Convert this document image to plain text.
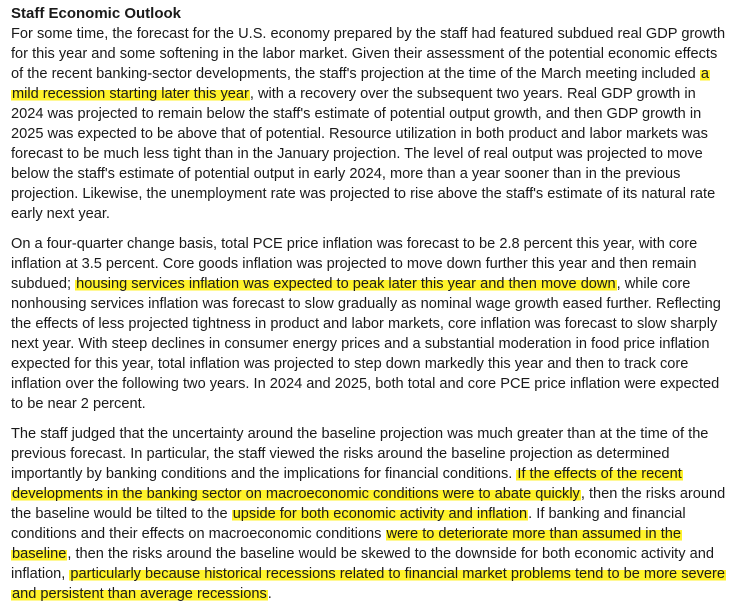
Staff Economic Outlook

For some time, the forecast for the U.S. economy prepared by the staff had featured subdued real GDP growth for this year and some softening in the labor market. Given their assessment of the potential economic effects of the recent banking-sector developments, the staff's projection at the time of the March meeting included a mild recession starting later this year, with a recovery over the subsequent two years. Real GDP growth in 2024 was projected to remain below the staff's estimate of potential output growth, and then GDP growth in 2025 was expected to be above that of potential. Resource utilization in both product and labor markets was forecast to be much less tight than in the January projection. The level of real output was projected to move below the staff's estimate of potential output in early 2024, more than a year sooner than in the previous projection. Likewise, the unemployment rate was projected to rise above the staff's estimate of its natural rate early next year.

On a four-quarter change basis, total PCE price inflation was forecast to be 2.8 percent this year, with core inflation at 3.5 percent. Core goods inflation was projected to move down further this year and then remain subdued; housing services inflation was expected to peak later this year and then move down, while core nonhousing services inflation was forecast to slow gradually as nominal wage growth eased further. Reflecting the effects of less projected tightness in product and labor markets, core inflation was forecast to slow sharply next year. With steep declines in consumer energy prices and a substantial moderation in food price inflation expected for this year, total inflation was projected to step down markedly this year and then to track core inflation over the following two years. In 2024 and 2025, both total and core PCE price inflation were expected to be near 2 percent.

The staff judged that the uncertainty around the baseline projection was much greater than at the time of the previous forecast. In particular, the staff viewed the risks around the baseline projection as determined importantly by banking conditions and the implications for financial conditions. If the effects of the recent developments in the banking sector on macroeconomic conditions were to abate quickly, then the risks around the baseline would be tilted to the upside for both economic activity and inflation. If banking and financial conditions and their effects on macroeconomic conditions were to deteriorate more than assumed in the baseline, then the risks around the baseline would be skewed to the downside for both economic activity and inflation, particularly because historical recessions related to financial market problems tend to be more severe and persistent than average recessions.
